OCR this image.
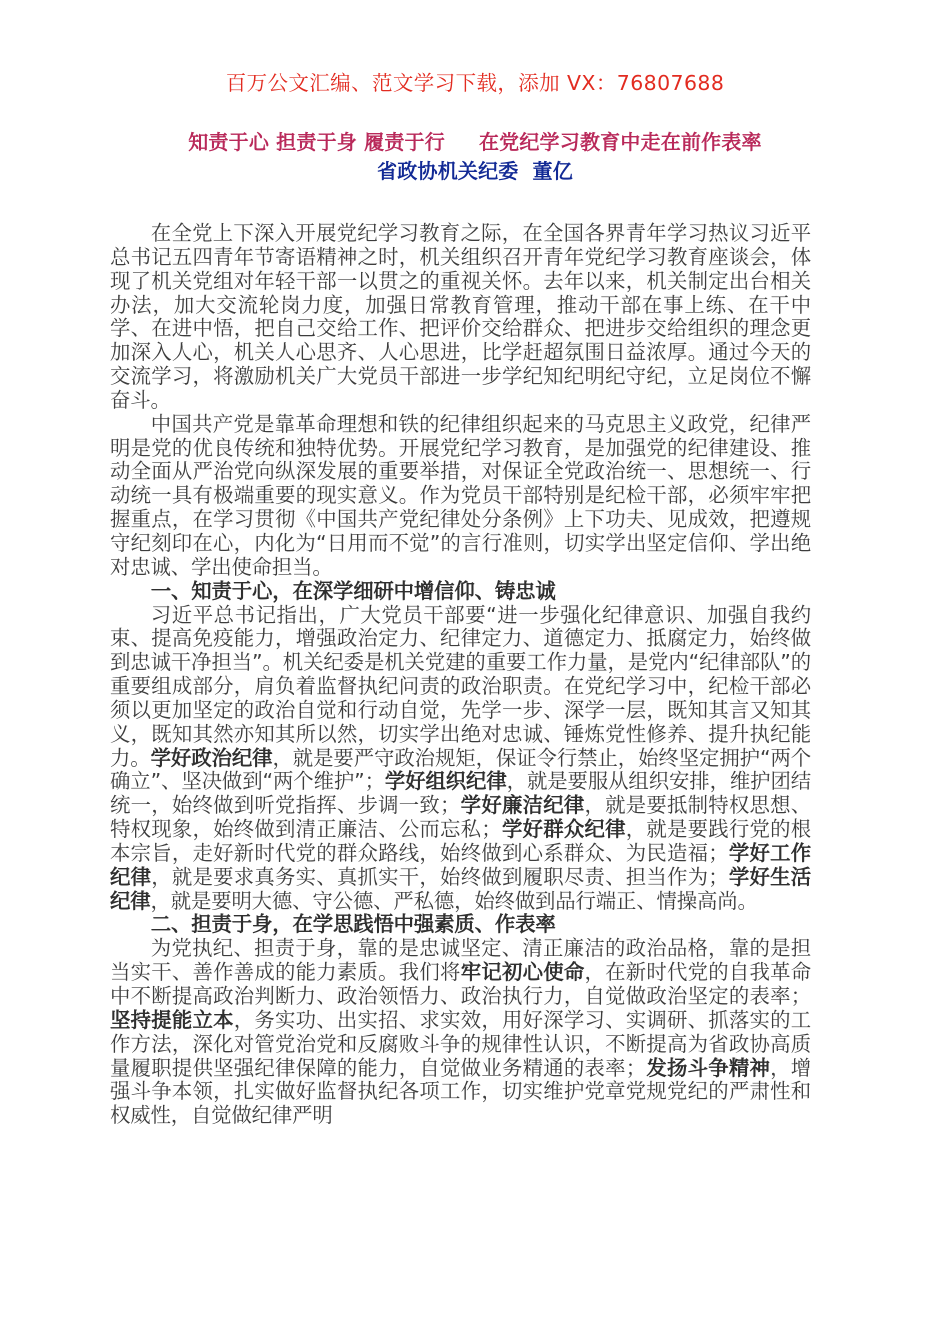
百万公文汇编、范文学习下载，添加 VX：76807688
知责于心 担责于身 履责于行 在党纪学习教育中走在前作表率
省政协机关纪委 董亿

在全党上下深入开展党纪学习教育之际，在全国各界青年学习热议习近平总书记五四青年节寄语精神之时，机关组织召开青年党纪学习教育座谈会，体现了机关党组对年轻干部一以贯之的重视关怀。去年以来，机关制定出台相关办法，加大交流轮岗力度，加强日常教育管理，推动干部在事上练、在干中学、在进中悟，把自己交给工作、把评价交给群众、把进步交给组织的理念更加深入人心，机关人心思齐、人心思进，比学赶超氛围日益浓厚。通过今天的交流学习，将激励机关广大党员干部进一步学纪知纪明纪守纪，立足岗位不懈奋斗。

中国共产党是靠革命理想和铁的纪律组织起来的马克思主义政党，纪律严明是党的优良传统和独特优势。开展党纪学习教育，是加强党的纪律建设、推动全面从严治党向纵深发展的重要举措，对保证全党政治统一、思想统一、行动统一具有极端重要的现实意义。作为党员干部特别是纪检干部，必须牢牢把握重点，在学习贯彻《中国共产党纪律处分条例》上下功夫、见成效，把遵规守纪刻印在心，内化为“日用而不觉”的言行准则，切实学出坚定信仰、学出绝对忠诚、学出使命担当。

一、知责于心，在深学细研中增信仰、铸忠诚

习近平总书记指出，广大党员干部要“进一步强化纪律意识、加强自我约束、提高免疫能力，增强政治定力、纪律定力、道德定力、抵腐定力，始终做到忠诚干净担当”。机关纪委是机关党建的重要工作力量，是党内“纪律部队”的重要组成部分，肩负着监督执纪问责的政治职责。在党纪学习中，纪检干部必须以更加坚定的政治自觉和行动自觉，先学一步、深学一层，既知其言又知其义，既知其然亦知其所以然，切实学出绝对忠诚、锤炼党性修养、提升执纪能力。学好政治纪律，就是要严守政治规矩，保证令行禁止，始终坚定拥护“两个确立”、坚决做到“两个维护”；学好组织纪律，就是要服从组织安排，维护团结统一，始终做到听党指挥、步调一致；学好廉洁纪律，就是要抵制特权思想、特权现象，始终做到清正廉洁、公而忘私；学好群众纪律，就是要践行党的根本宗旨，走好新时代党的群众路线，始终做到心系群众、为民造福；学好工作纪律，就是要求真务实、真抓实干，始终做到履职尽责、担当作为；学好生活纪律，就是要明大德、守公德、严私德，始终做到品行端正、情操高尚。

二、担责于身，在学思践悟中强素质、作表率

为党执纪、担责于身，靠的是忠诚坚定、清正廉洁的政治品格，靠的是担当实干、善作善成的能力素质。我们将牢记初心使命，在新时代党的自我革命中不断提高政治判断力、政治领悟力、政治执行力，自觉做政治坚定的表率；坚持提能立本，务实功、出实招、求实效，用好深学习、实调研、抓落实的工作方法，深化对管党治党和反腐败斗争的规律性认识，不断提高为省政协高质量履职提供坚强纪律保障的能力，自觉做业务精通的表率；发扬斗争精神，增强斗争本领，扎实做好监督执纪各项工作，切实维护党章党规党纪的严肃性和权威性，自觉做纪律严明
